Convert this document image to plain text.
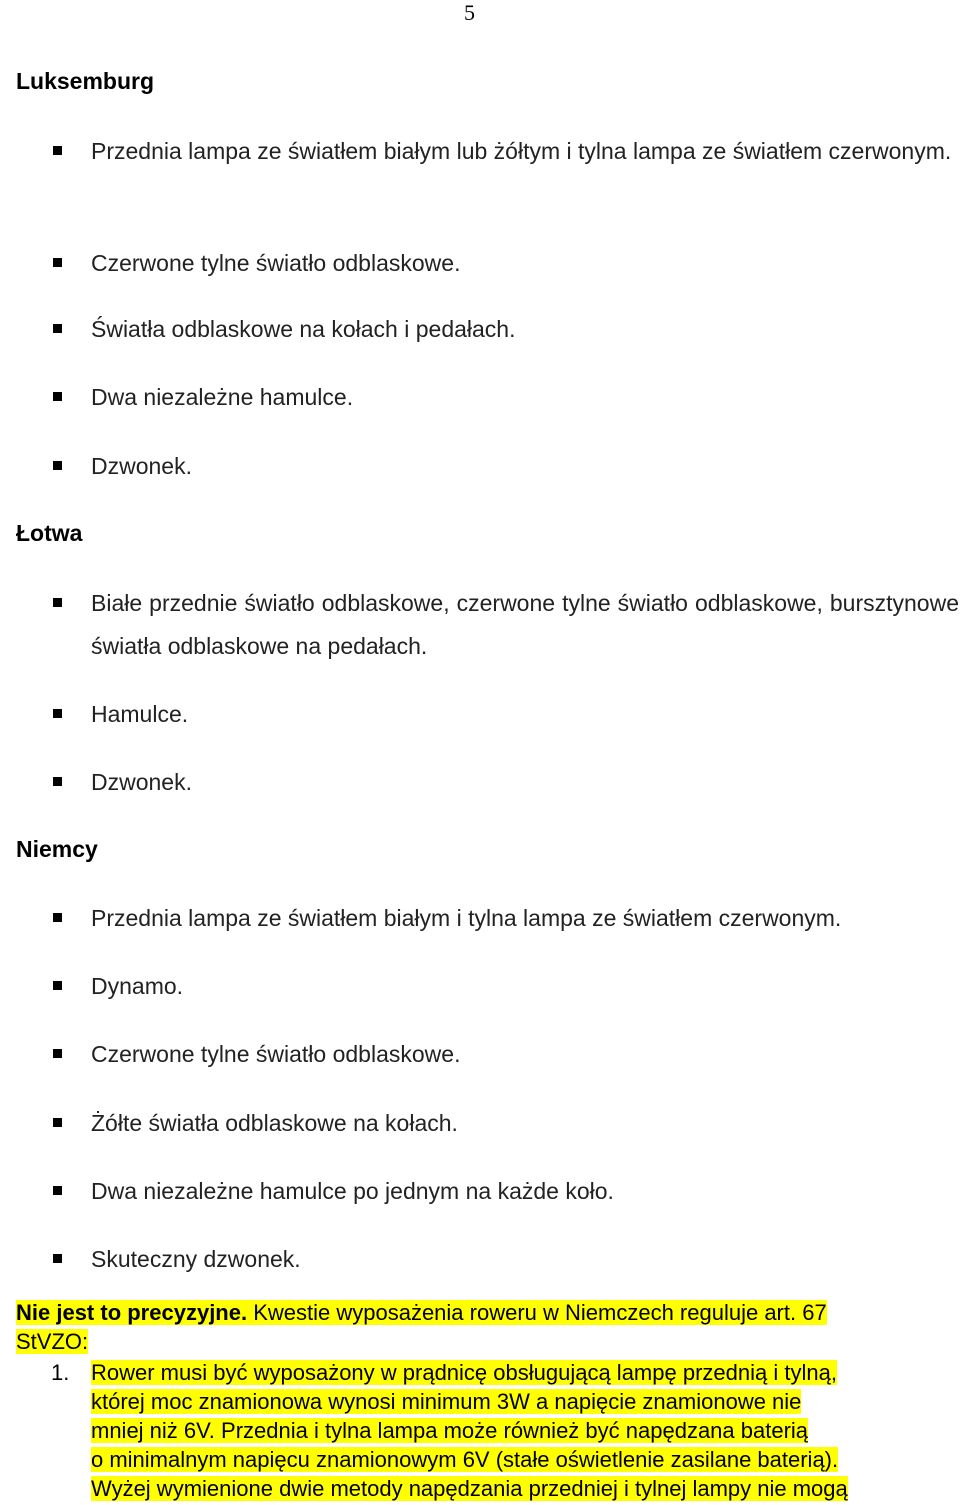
5
Luksemburg
Przednia lampa ze światłem białym lub żółtym i tylna lampa ze światłem czerwonym.
Czerwone tylne światło odblaskowe.
Światła odblaskowe na kołach i pedałach.
Dwa niezależne hamulce.
Dzwonek.
Łotwa
Białe przednie światło odblaskowe, czerwone tylne światło odblaskowe, bursztynowe światła odblaskowe na pedałach.
Hamulce.
Dzwonek.
Niemcy
Przednia lampa ze światłem białym i tylna lampa ze światłem czerwonym.
Dynamo.
Czerwone tylne światło odblaskowe.
Żółte światła odblaskowe na kołach.
Dwa niezależne hamulce po jednym na każde koło.
Skuteczny dzwonek.
Nie jest to precyzyjne. Kwestie wyposażenia roweru w Niemczech reguluje art. 67
StVZO:
1. Rower musi być wyposażony w prądnicę obsługującą lampę przednią i tylną,
której moc znamionowa wynosi minimum 3W a napięcie znamionowe nie
mniej niż 6V. Przednia i tylna lampa może również być napędzana baterią
o minimalnym napięcu znamionowym 6V (stałe oświetlenie zasilane baterią).
Wyżej wymienione dwie metody napędzania przedniej i tylnej lampy nie mogą
